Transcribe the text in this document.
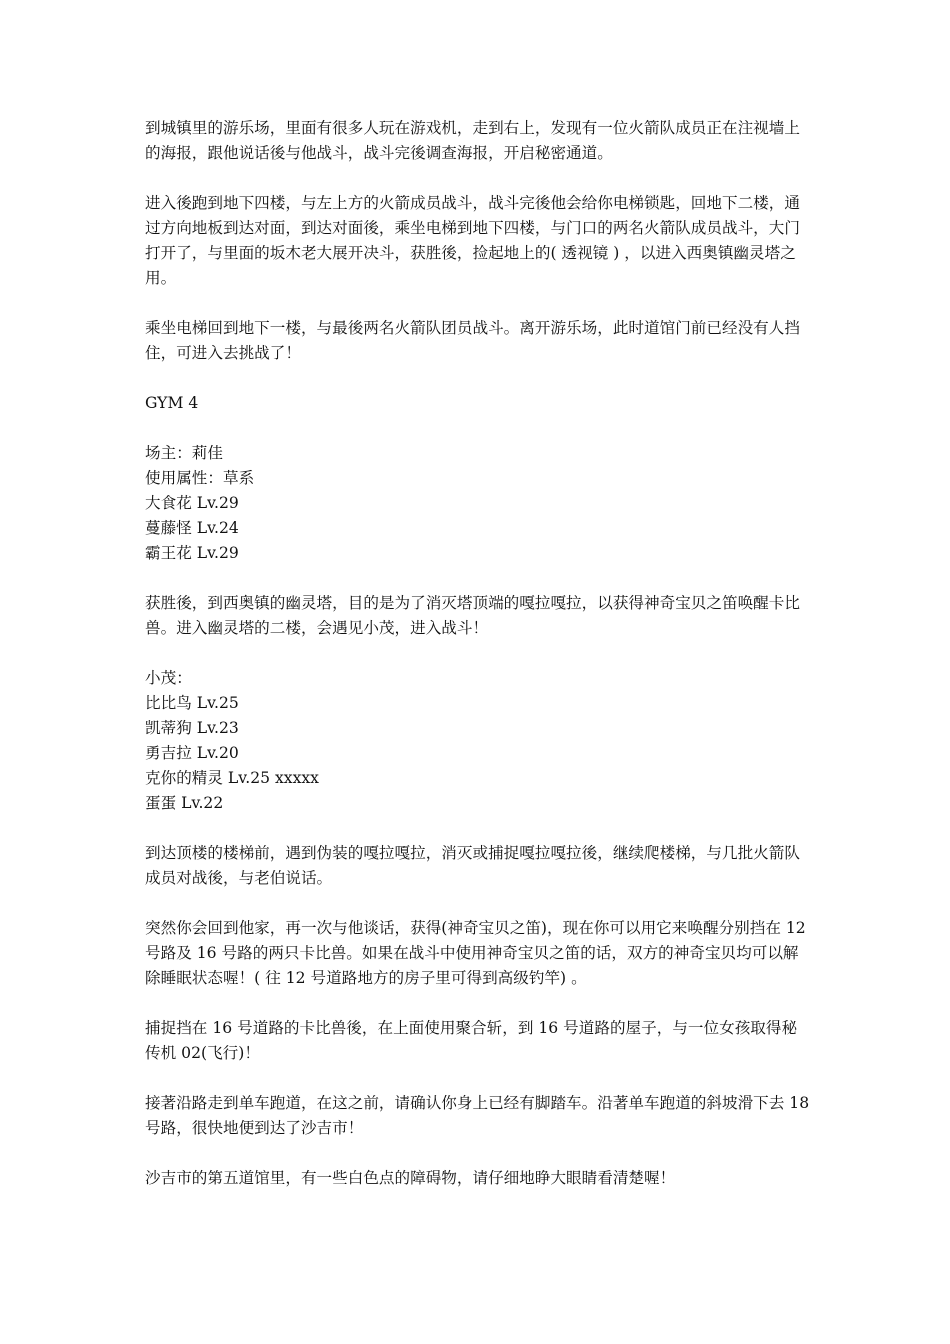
到城镇里的游乐场，里面有很多人玩在游戏机，走到右上，发现有一位火箭队成员正在注视墙上的海报，跟他说话後与他战斗，战斗完後调查海报，开启秘密通道。

进入後跑到地下四楼，与左上方的火箭成员战斗，战斗完後他会给你电梯锁匙，回地下二楼，通过方向地板到达对面，到达对面後，乘坐电梯到地下四楼，与门口的两名火箭队成员战斗，大门打开了，与里面的坂木老大展开决斗，获胜後，捡起地上的( 透视镜 ) ，以进入西奥镇幽灵塔之用。

乘坐电梯回到地下一楼，与最後两名火箭队团员战斗。离开游乐场，此时道馆门前已经没有人挡住，可进入去挑战了！

GYM 4

场主：莉佳
使用属性：草系
大食花 Lv.29
蔓藤怪 Lv.24
霸王花 Lv.29

获胜後，到西奥镇的幽灵塔，目的是为了消灭塔顶端的嘎拉嘎拉，以获得神奇宝贝之笛唤醒卡比兽。进入幽灵塔的二楼，会遇见小茂，进入战斗！

小茂：
比比鸟 Lv.25
凯蒂狗 Lv.23
勇吉拉 Lv.20
克你的精灵 Lv.25 xxxxx
蛋蛋 Lv.22

到达顶楼的楼梯前，遇到伪装的嘎拉嘎拉，消灭或捕捉嘎拉嘎拉後，继续爬楼梯，与几批火箭队成员对战後，与老伯说话。

突然你会回到他家，再一次与他谈话，获得(神奇宝贝之笛)，现在你可以用它来唤醒分别挡在 12 号路及 16 号路的两只卡比兽。如果在战斗中使用神奇宝贝之笛的话，双方的神奇宝贝均可以解除睡眠状态喔！( 往 12 号道路地方的房子里可得到高级钓竿) 。

捕捉挡在 16 号道路的卡比兽後，在上面使用聚合斩，到 16 号道路的屋子，与一位女孩取得秘传机 02(飞行)！

接著沿路走到单车跑道，在这之前，请确认你身上已经有脚踏车。沿著单车跑道的斜坡滑下去 18 号路，很快地便到达了沙吉市！

沙吉市的第五道馆里，有一些白色点的障碍物，请仔细地睁大眼睛看清楚喔！
